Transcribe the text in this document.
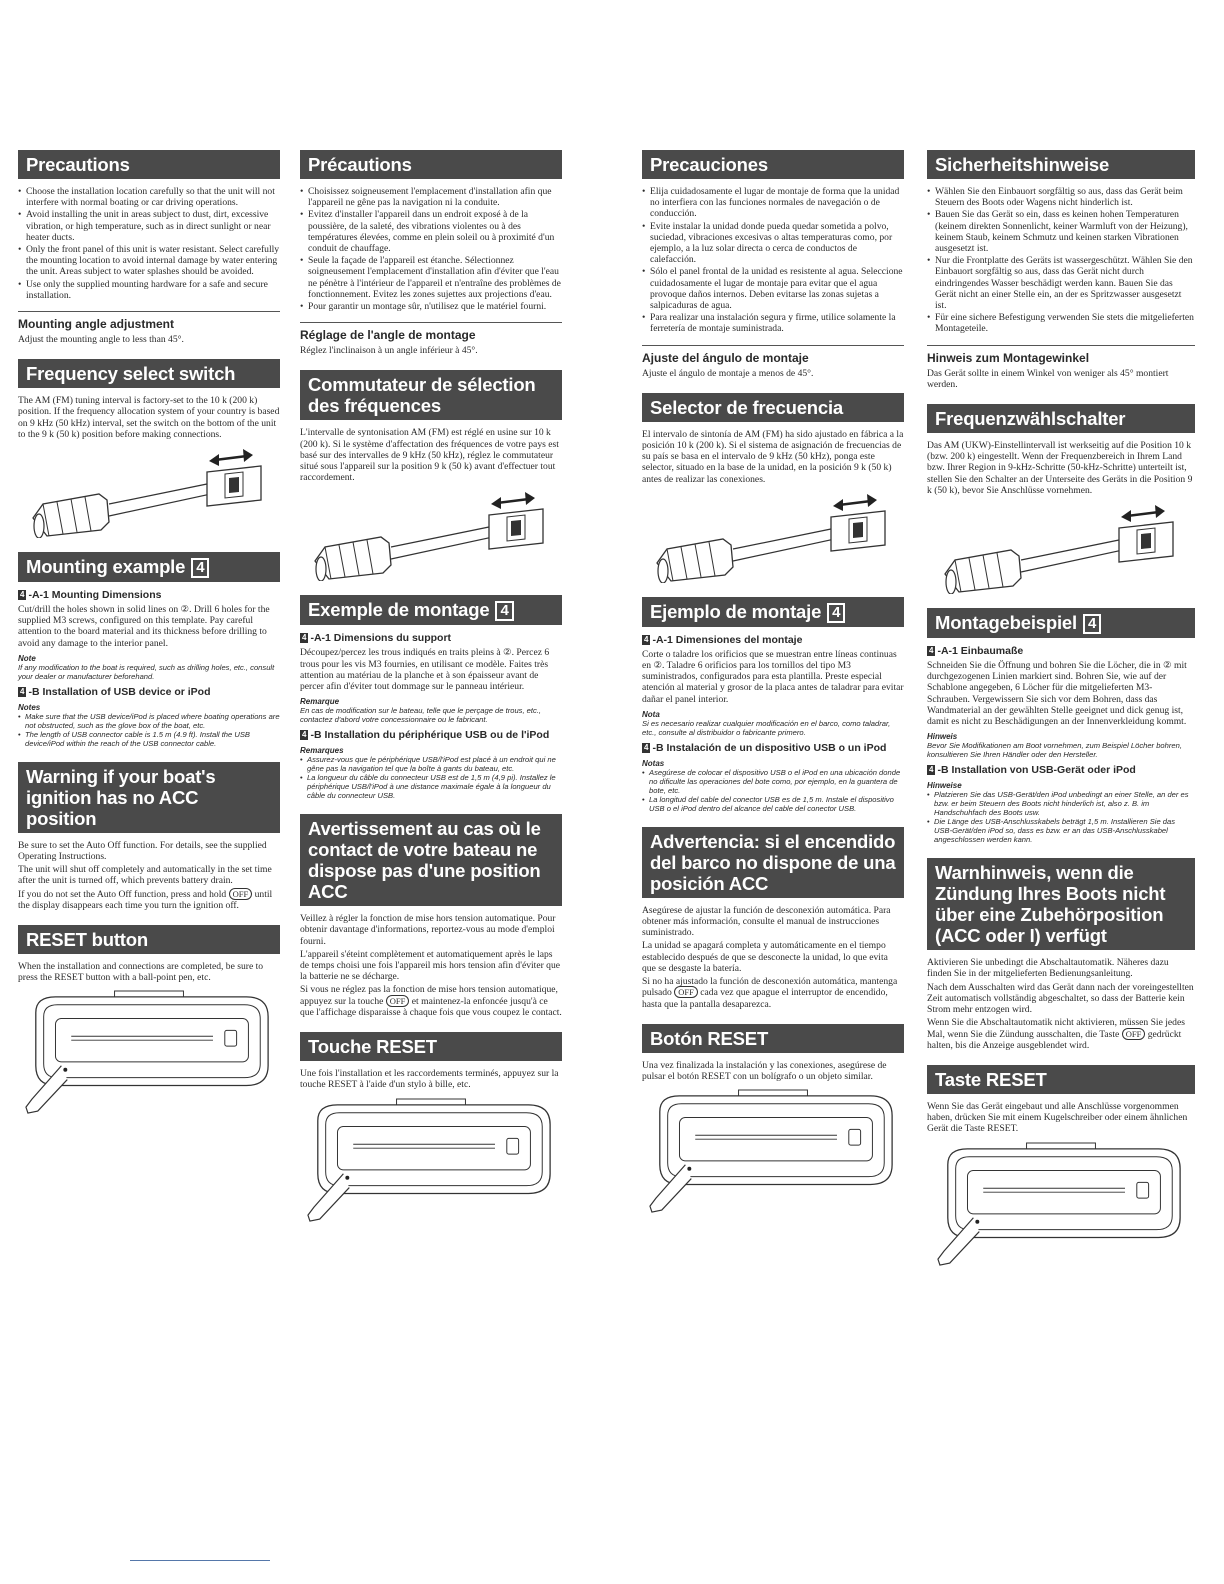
Precautions
• Choose the installation location carefully so that the unit will not interfere with normal boating or car driving operations.
• Avoid installing the unit in areas subject to dust, dirt, excessive vibration, or high temperature, such as in direct sunlight or near heater ducts.
• Only the front panel of this unit is water resistant. Select carefully the mounting location to avoid internal damage by water entering the unit. Areas subject to water splashes should be avoided.
• Use only the supplied mounting hardware for a safe and secure installation.
Mounting angle adjustment
Adjust the mounting angle to less than 45°.
Frequency select switch
The AM (FM) tuning interval is factory-set to the 10 k (200 k) position. If the frequency allocation system of your country is based on 9 kHz (50 kHz) interval, set the switch on the bottom of the unit to the 9 k (50 k) position before making connections.
Mounting example 4
4 -A-1 Mounting Dimensions
Cut/drill the holes shown in solid lines on ②. Drill 6 holes for the supplied M3 screws, configured on this template. Pay careful attention to the board material and its thickness before drilling to avoid any damage to the interior panel.
Note
If any modification to the boat is required, such as drilling holes, etc., consult your dealer or manufacturer beforehand.
4 -B Installation of USB device or iPod
Notes
• Make sure that the USB device/iPod is placed where boating operations are not obstructed, such as the glove box of the boat, etc.
• The length of USB connector cable is 1.5 m (4.9 ft). Install the USB device/iPod within the reach of the USB connector cable.
Warning if your boat's ignition has no ACC position
Be sure to set the Auto Off function. For details, see the supplied Operating Instructions.
The unit will shut off completely and automatically in the set time after the unit is turned off, which prevents battery drain.
If you do not set the Auto Off function, press and hold OFF until the display disappears each time you turn the ignition off.
RESET button
When the installation and connections are completed, be sure to press the RESET button with a ball-point pen, etc.
Précautions
• Choisissez soigneusement l'emplacement d'installation afin que l'appareil ne gêne pas la navigation ni la conduite.
• Evitez d'installer l'appareil dans un endroit exposé à de la poussière, de la saleté, des vibrations violentes ou à des températures élevées, comme en plein soleil ou à proximité d'un conduit de chauffage.
• Seule la façade de l'appareil est étanche. Sélectionnez soigneusement l'emplacement d'installation afin d'éviter que l'eau ne pénètre à l'intérieur de l'appareil et n'entraîne des problèmes de fonctionnement. Evitez les zones sujettes aux projections d'eau.
• Pour garantir un montage sûr, n'utilisez que le matériel fourni.
Réglage de l'angle de montage
Réglez l'inclinaison à un angle inférieur à 45°.
Commutateur de sélection des fréquences
L'intervalle de syntonisation AM (FM) est réglé en usine sur 10 k (200 k). Si le système d'affectation des fréquences de votre pays est basé sur des intervalles de 9 kHz (50 kHz), réglez le commutateur situé sous l'appareil sur la position 9 k (50 k) avant d'effectuer tout raccordement.
Exemple de montage 4
4 -A-1 Dimensions du support
Découpez/percez les trous indiqués en traits pleins à ②. Percez 6 trous pour les vis M3 fournies, en utilisant ce modèle. Faites très attention au matériau de la planche et à son épaisseur avant de percer afin d'éviter tout dommage sur le panneau intérieur.
Remarque
En cas de modification sur le bateau, telle que le perçage de trous, etc., contactez d'abord votre concessionnaire ou le fabricant.
4 -B Installation du périphérique USB ou de l'iPod
Remarques
• Assurez-vous que le périphérique USB/l'iPod est placé à un endroit qui ne gêne pas la navigation tel que la boîte à gants du bateau, etc.
• La longueur du câble du connecteur USB est de 1,5 m (4,9 pi). Installez le périphérique USB/l'iPod à une distance maximale égale à la longueur du câble du connecteur USB.
Avertissement au cas où le contact de votre bateau ne dispose pas d'une position ACC
Veillez à régler la fonction de mise hors tension automatique. Pour obtenir davantage d'informations, reportez-vous au mode d'emploi fourni.
L'appareil s'éteint complètement et automatiquement après le laps de temps choisi une fois l'appareil mis hors tension afin d'éviter que la batterie ne se décharge.
Si vous ne réglez pas la fonction de mise hors tension automatique, appuyez sur la touche OFF et maintenez-la enfoncée jusqu'à ce que l'affichage disparaisse à chaque fois que vous coupez le contact.
Touche RESET
Une fois l'installation et les raccordements terminés, appuyez sur la touche RESET à l'aide d'un stylo à bille, etc.
Precauciones
• Elija cuidadosamente el lugar de montaje de forma que la unidad no interfiera con las funciones normales de navegación o de conducción.
• Evite instalar la unidad donde pueda quedar sometida a polvo, suciedad, vibraciones excesivas o altas temperaturas como, por ejemplo, a la luz solar directa o cerca de conductos de calefacción.
• Sólo el panel frontal de la unidad es resistente al agua. Seleccione cuidadosamente el lugar de montaje para evitar que el agua provoque daños internos. Deben evitarse las zonas sujetas a salpicaduras de agua.
• Para realizar una instalación segura y firme, utilice solamente la ferretería de montaje suministrada.
Ajuste del ángulo de montaje
Ajuste el ángulo de montaje a menos de 45°.
Selector de frecuencia
El intervalo de sintonía de AM (FM) ha sido ajustado en fábrica a la posición 10 k (200 k). Si el sistema de asignación de frecuencias de su país se basa en el intervalo de 9 kHz (50 kHz), ponga este selector, situado en la base de la unidad, en la posición 9 k (50 k) antes de realizar las conexiones.
Ejemplo de montaje 4
4 -A-1 Dimensiones del montaje
Corte o taladre los orificios que se muestran entre líneas continuas en ②. Taladre 6 orificios para los tornillos del tipo M3 suministrados, configurados para esta plantilla. Preste especial atención al material y grosor de la placa antes de taladrar para evitar dañar el panel interior.
Nota
Si es necesario realizar cualquier modificación en el barco, como taladrar, etc., consulte al distribuidor o fabricante primero.
4 -B Instalación de un dispositivo USB o un iPod
Notas
• Asegúrese de colocar el dispositivo USB o el iPod en una ubicación donde no dificulte las operaciones del bote como, por ejemplo, en la guantera de bote, etc.
• La longitud del cable del conector USB es de 1,5 m. Instale el dispositivo USB o el iPod dentro del alcance del cable del conector USB.
Advertencia: si el encendido del barco no dispone de una posición ACC
Asegúrese de ajustar la función de desconexión automática. Para obtener más información, consulte el manual de instrucciones suministrado.
La unidad se apagará completa y automáticamente en el tiempo establecido después de que se desconecte la unidad, lo que evita que se desgaste la batería.
Si no ha ajustado la función de desconexión automática, mantenga pulsado OFF cada vez que apague el interruptor de encendido, hasta que la pantalla desaparezca.
Botón RESET
Una vez finalizada la instalación y las conexiones, asegúrese de pulsar el botón RESET con un bolígrafo o un objeto similar.
Sicherheitshinweise
• Wählen Sie den Einbauort sorgfältig so aus, dass das Gerät beim Steuern des Boots oder Wagens nicht hinderlich ist.
• Bauen Sie das Gerät so ein, dass es keinen hohen Temperaturen (keinem direkten Sonnenlicht, keiner Warmluft von der Heizung), keinem Staub, keinem Schmutz und keinen starken Vibrationen ausgesetzt ist.
• Nur die Frontplatte des Geräts ist wassergeschützt. Wählen Sie den Einbauort sorgfältig so aus, dass das Gerät nicht durch eindringendes Wasser beschädigt werden kann. Bauen Sie das Gerät nicht an einer Stelle ein, an der es Spritzwasser ausgesetzt ist.
• Für eine sichere Befestigung verwenden Sie stets die mitgelieferten Montageteile.
Hinweis zum Montagewinkel
Das Gerät sollte in einem Winkel von weniger als 45° montiert werden.
Frequenzwählschalter
Das AM (UKW)-Einstellintervall ist werkseitig auf die Position 10 k (bzw. 200 k) eingestellt. Wenn der Frequenzbereich in Ihrem Land bzw. Ihrer Region in 9-kHz-Schritte (50-kHz-Schritte) unterteilt ist, stellen Sie den Schalter an der Unterseite des Geräts in die Position 9 k (50 k), bevor Sie Anschlüsse vornehmen.
Montagebeispiel 4
4 -A-1 Einbaumaße
Schneiden Sie die Öffnung und bohren Sie die Löcher, die in ② mit durchgezogenen Linien markiert sind. Bohren Sie, wie auf der Schablone angegeben, 6 Löcher für die mitgelieferten M3-Schrauben. Vergewissern Sie sich vor dem Bohren, dass das Wandmaterial an der gewählten Stelle geeignet und dick genug ist, damit es nicht zu Beschädigungen an der Innenverkleidung kommt.
Hinweis
Bevor Sie Modifikationen am Boot vornehmen, zum Beispiel Löcher bohren, konsultieren Sie Ihren Händler oder den Hersteller.
4 -B Installation von USB-Gerät oder iPod
Hinweise
• Platzieren Sie das USB-Gerät/den iPod unbedingt an einer Stelle, an der es bzw. er beim Steuern des Boots nicht hinderlich ist, also z. B. im Handschuhfach des Boots usw.
• Die Länge des USB-Anschlusskabels beträgt 1,5 m. Installieren Sie das USB-Gerät/den iPod so, dass es bzw. er an das USB-Anschlusskabel angeschlossen werden kann.
Warnhinweis, wenn die Zündung Ihres Boots nicht über eine Zubehörposition (ACC oder I) verfügt
Aktivieren Sie unbedingt die Abschaltautomatik. Näheres dazu finden Sie in der mitgelieferten Bedienungsanleitung.
Nach dem Ausschalten wird das Gerät dann nach der voreingestellten Zeit automatisch vollständig abgeschaltet, so dass der Batterie kein Strom mehr entzogen wird.
Wenn Sie die Abschaltautomatik nicht aktivieren, müssen Sie jedes Mal, wenn Sie die Zündung ausschalten, die Taste OFF gedrückt halten, bis die Anzeige ausgeblendet wird.
Taste RESET
Wenn Sie das Gerät eingebaut und alle Anschlüsse vorgenommen haben, drücken Sie mit einem Kugelschreiber oder einem ähnlichen Gerät die Taste RESET.
